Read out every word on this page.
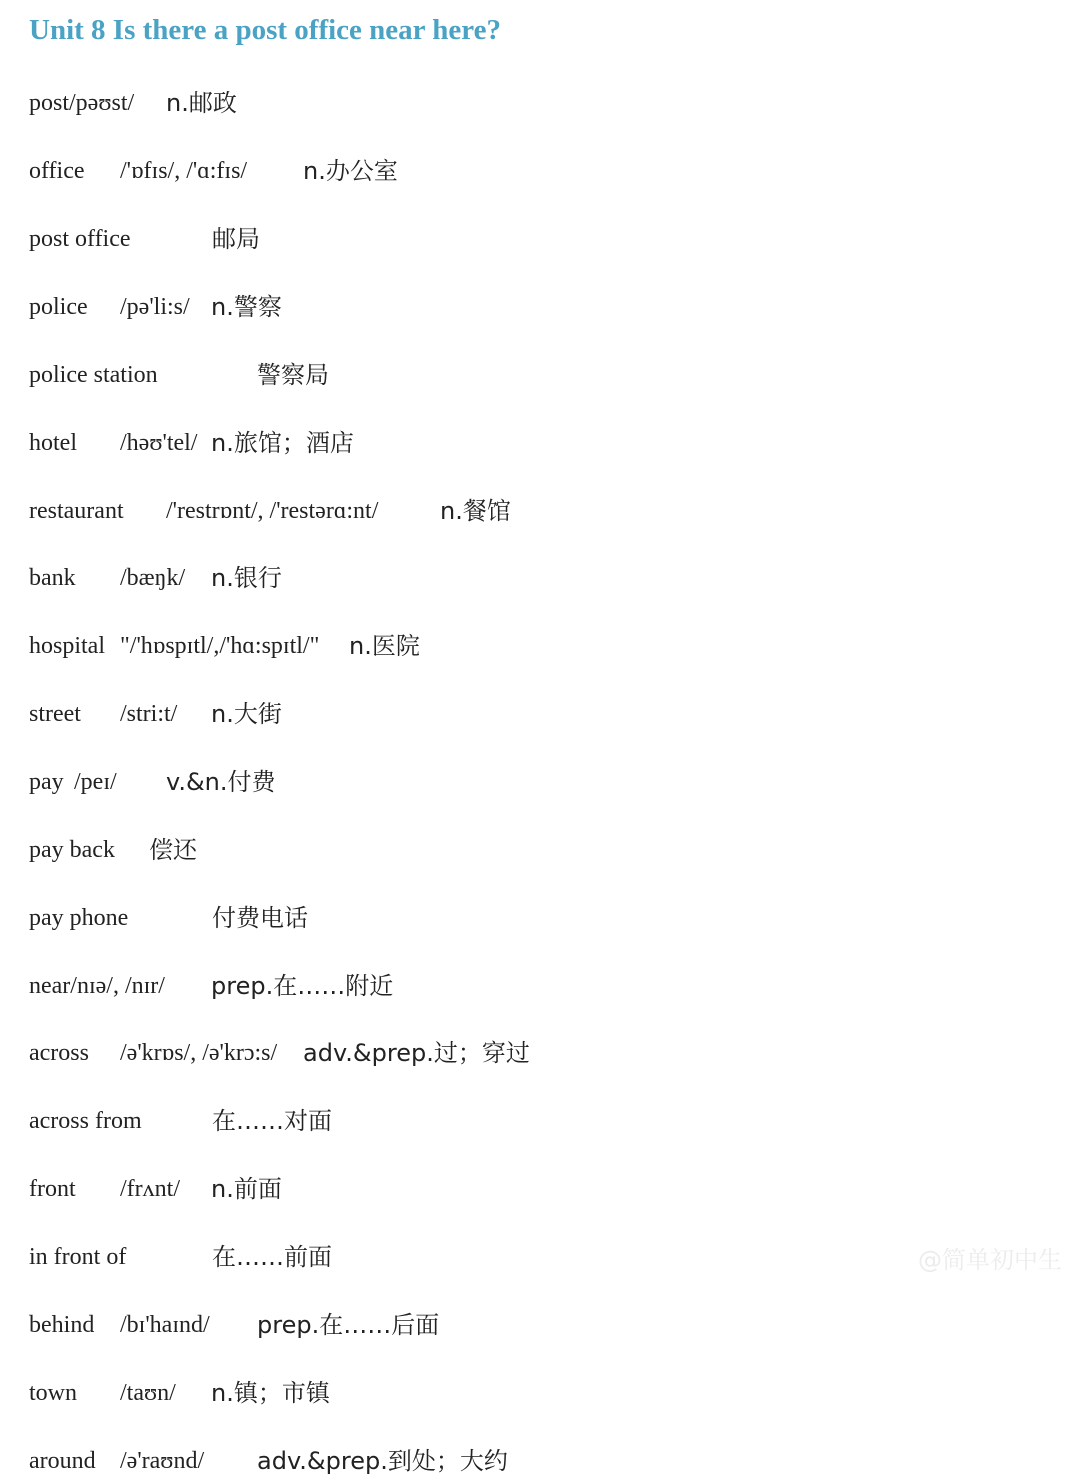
Unit 8 Is there a post office near here?
post/pəʊst/ n.邮政
office /'ɒfɪs/, /'ɑ:fɪs/ n.办公室
post office	邮局
police /pə'li:s/ n.警察
police station	警察局
hotel /həʊ'tel/ n.旅馆；酒店
restaurant /'restrɒnt/, /'restərɑ:nt/	n.餐馆
bank /bæŋk/ n.银行
hospital "/'hɒspɪtl/,/'hɑ:spɪtl/" n.医院
street /stri:t/ n.大街
pay /peɪ/ v.&n.付费
pay back 偿还
pay phone	付费电话
near/nɪə/, /nɪr/ prep.在……附近
across /ə'krɒs/, /ə'krɔ:s/ adv.&prep.过；穿过
across from	在……对面
front /frʌnt/ n.前面
in front of	在……前面
behind /bɪ'haɪnd/ prep.在……后面
town /taʊn/ n.镇；市镇
around /ə'raʊnd/ adv.&prep.到处；大约
@简单初中生
